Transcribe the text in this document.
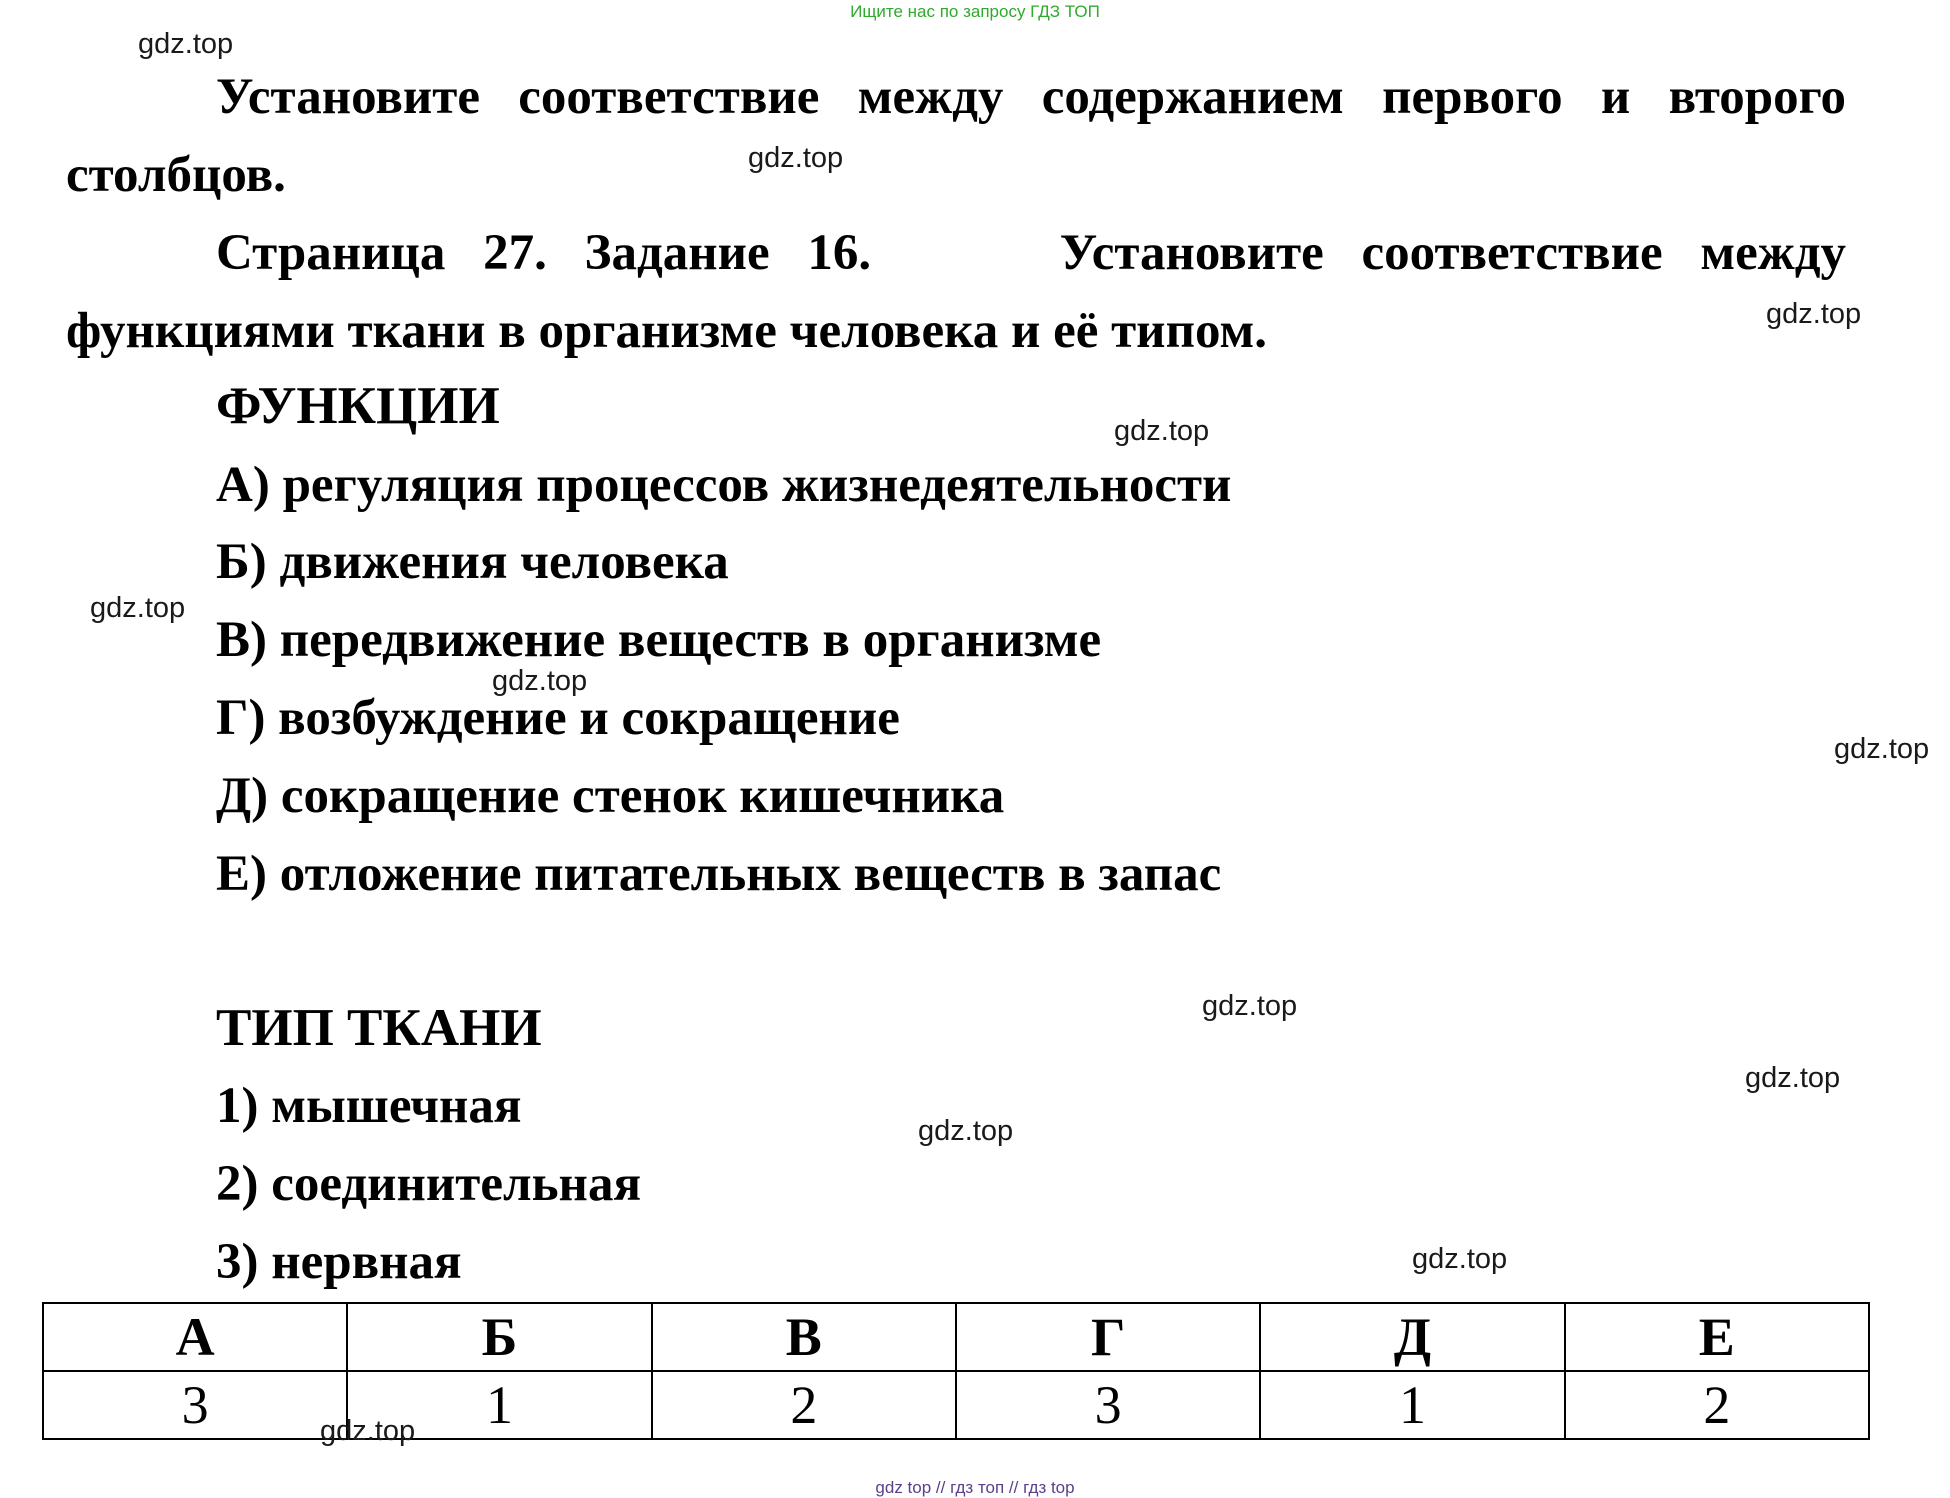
Ищите нас по запросу ГДЗ ТОП

Установите соответствие между содержанием первого и второго столбцов.

Страница 27. Задание 16.	Установите соответствие между функциями ткани в организме человека и её типом.

ФУНКЦИИ
А) регуляция процессов жизнедеятельности
Б) движения человека
В) передвижение веществ в организме
Г) возбуждение и сокращение
Д) сокращение стенок кишечника
Е) отложение питательных веществ в запас
ТИП ТКАНИ
1) мышечная
2) соединительная
3) нервная
А	Б	В	Г	Д	Е
3	1	2	3	1	2
gdz.top
gdz.top
gdz.top
gdz.top
gdz.top
gdz.top
gdz.top
gdz.top
gdz.top
gdz.top
gdz.top
gdz.top
gdz top // гдз топ // гдз top
